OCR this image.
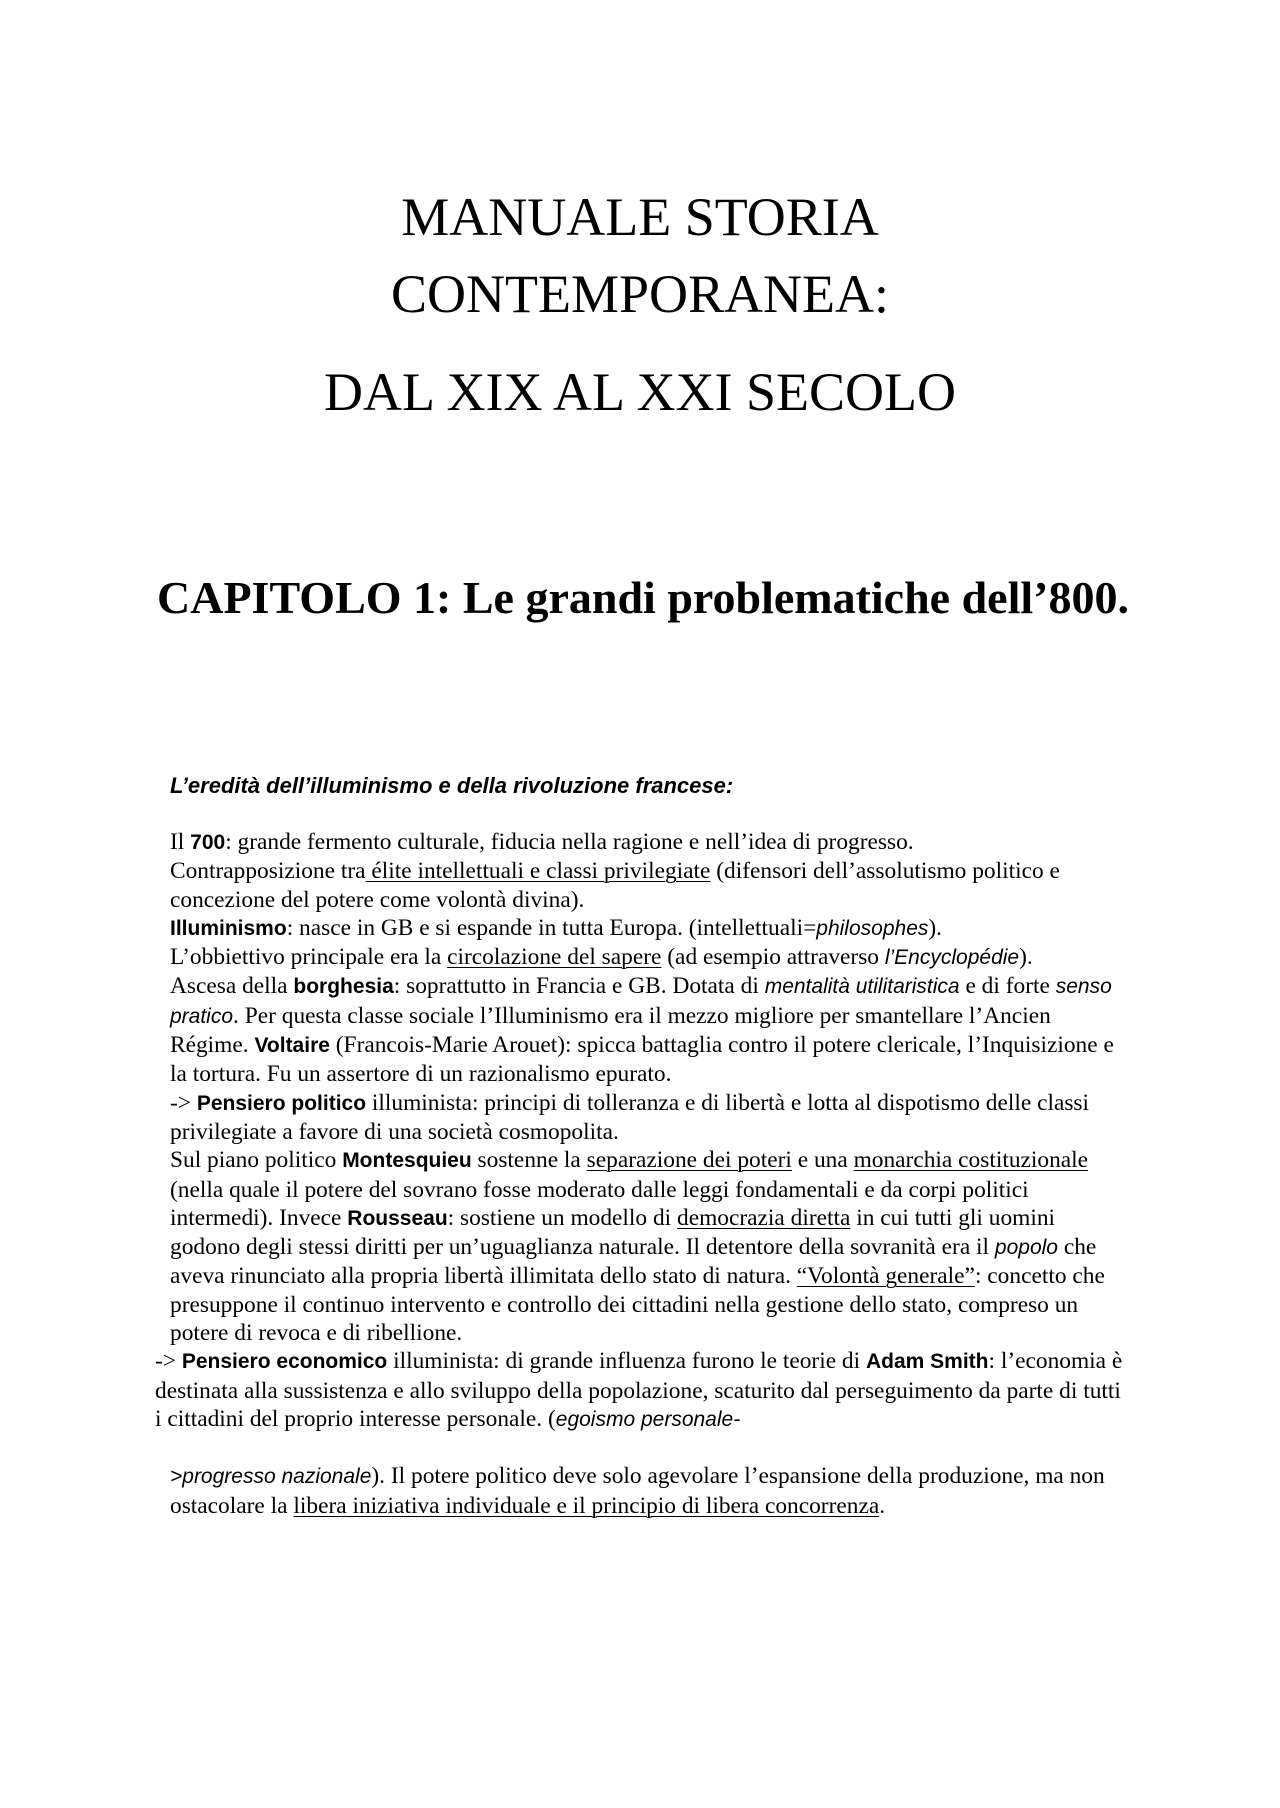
MANUALE STORIA
CONTEMPORANEA:
DAL XIX AL XXI SECOLO
CAPITOLO 1: Le grandi problematiche dell’800.
L’eredità dell’illuminismo e della rivoluzione francese:

Il 700: grande fermento culturale, fiducia nella ragione e nell’idea di progresso.

Contrapposizione tra élite intellettuali e classi privilegiate (difensori dell’assolutismo politico e concezione del potere come volontà divina).

Illuminismo: nasce in GB e si espande in tutta Europa. (intellettuali=philosophes).

L’obbiettivo principale era la circolazione del sapere (ad esempio attraverso l’Encyclopédie).

Ascesa della borghesia: soprattutto in Francia e GB. Dotata di mentalità utilitaristica e di forte senso pratico. Per questa classe sociale l’Illuminismo era il mezzo migliore per smantellare l’Ancien Régime. Voltaire (Francois-Marie Arouet): spicca battaglia contro il potere clericale, l’Inquisizione e la tortura. Fu un assertore di un razionalismo epurato.

-> Pensiero politico illuminista: principi di tolleranza e di libertà e lotta al dispotismo delle classi privilegiate a favore di una società cosmopolita.

Sul piano politico Montesquieu sostenne la separazione dei poteri e una monarchia costituzionale (nella quale il potere del sovrano fosse moderato dalle leggi fondamentali e da corpi politici intermedi). Invece Rousseau: sostiene un modello di democrazia diretta in cui tutti gli uomini godono degli stessi diritti per un’uguaglianza naturale. Il detentore della sovranità era il popolo che aveva rinunciato alla propria libertà illimitata dello stato di natura. “Volontà generale”: concetto che presuppone il continuo intervento e controllo dei cittadini nella gestione dello stato, compreso un potere di revoca e di ribellione.

-> Pensiero economico illuminista: di grande influenza furono le teorie di Adam Smith: l’economia è destinata alla sussistenza e allo sviluppo della popolazione, scaturito dal perseguimento da parte di tutti i cittadini del proprio interesse personale. (egoismo personale-

>progresso nazionale). Il potere politico deve solo agevolare l’espansione della produzione, ma non ostacolare la libera iniziativa individuale e il principio di libera concorrenza.
